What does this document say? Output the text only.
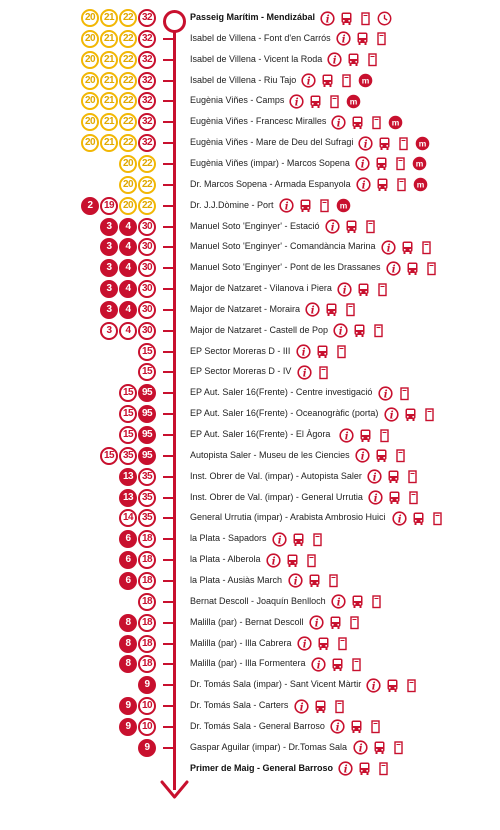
20 21 22 32	Passeig Marítim - Mendizábal i
20 21 22 32	Isabel de Villena - Font d'en Carrós i
20 21 22 32	Isabel de Villena - Vicent la Roda i
20 21 22 32	Isabel de Villena - Riu Tajo i	m
20 21 22 32	Eugènia Viñes - Camps i	m
20 21 22 32	Eugènia Viñes - Francesc Miralles i	m
20 21 22 32	Eugènia Viñes - Mare de Deu del Sufragi i	m
20 22	Eugènia Viñes (impar) - Marcos Sopena i	m
20 22	Dr. Marcos Sopena - Armada Espanyola i	m
2	19 20 22	Dr. J.J.Dòmine - Port i	m
3	4	30	Manuel Soto 'Enginyer' - Estació i
3	4	30	Manuel Soto 'Enginyer' - Comandància Marina i
3	4	30	Manuel Soto 'Enginyer' - Pont de les Drassanes i
3	4	30	Major de Natzaret - Vilanova i Piera i
3	4	30	Major de Natzaret - Moraira i
3	4	30	Major de Natzaret - Castell de Pop i
15	EP Sector Moreras D - III i
15	EP Sector Moreras D - IV i
15 95	EP Aut. Saler 16(Frente) - Centre investigació i
15 95	EP Aut. Saler 16(Frente) - Oceanogràfic (porta) i
15 95	EP Aut. Saler 16(Frente) - El Àgora i
15 35 95	Autopista Saler - Museu de les Ciencies i
13 35	Inst. Obrer de Val. (impar) - Autopista Saler i
13 35	Inst. Obrer de Val. (impar) - General Urrutia i
14 35	General Urrutia (impar) - Arabista Ambrosio Huici i
6	18	la Plata - Sapadors i
6	18	la Plata - Alberola i
6	18	la Plata - Ausiàs March i
18	Bernat Descoll - Joaquín Benlloch i
8	18	Malilla (par) - Bernat Descoll i
8	18	Malilla (par) - Illa Cabrera i
8	18	Malilla (par) - Illa Formentera i
9	Dr. Tomás Sala (impar) - Sant Vicent Màrtir i
9	10	Dr. Tomás Sala - Carters i
9	10	Dr. Tomás Sala - General Barroso i
9	Gaspar Aguilar (impar) - Dr.Tomas Sala i
Primer de Maig - General Barroso i
